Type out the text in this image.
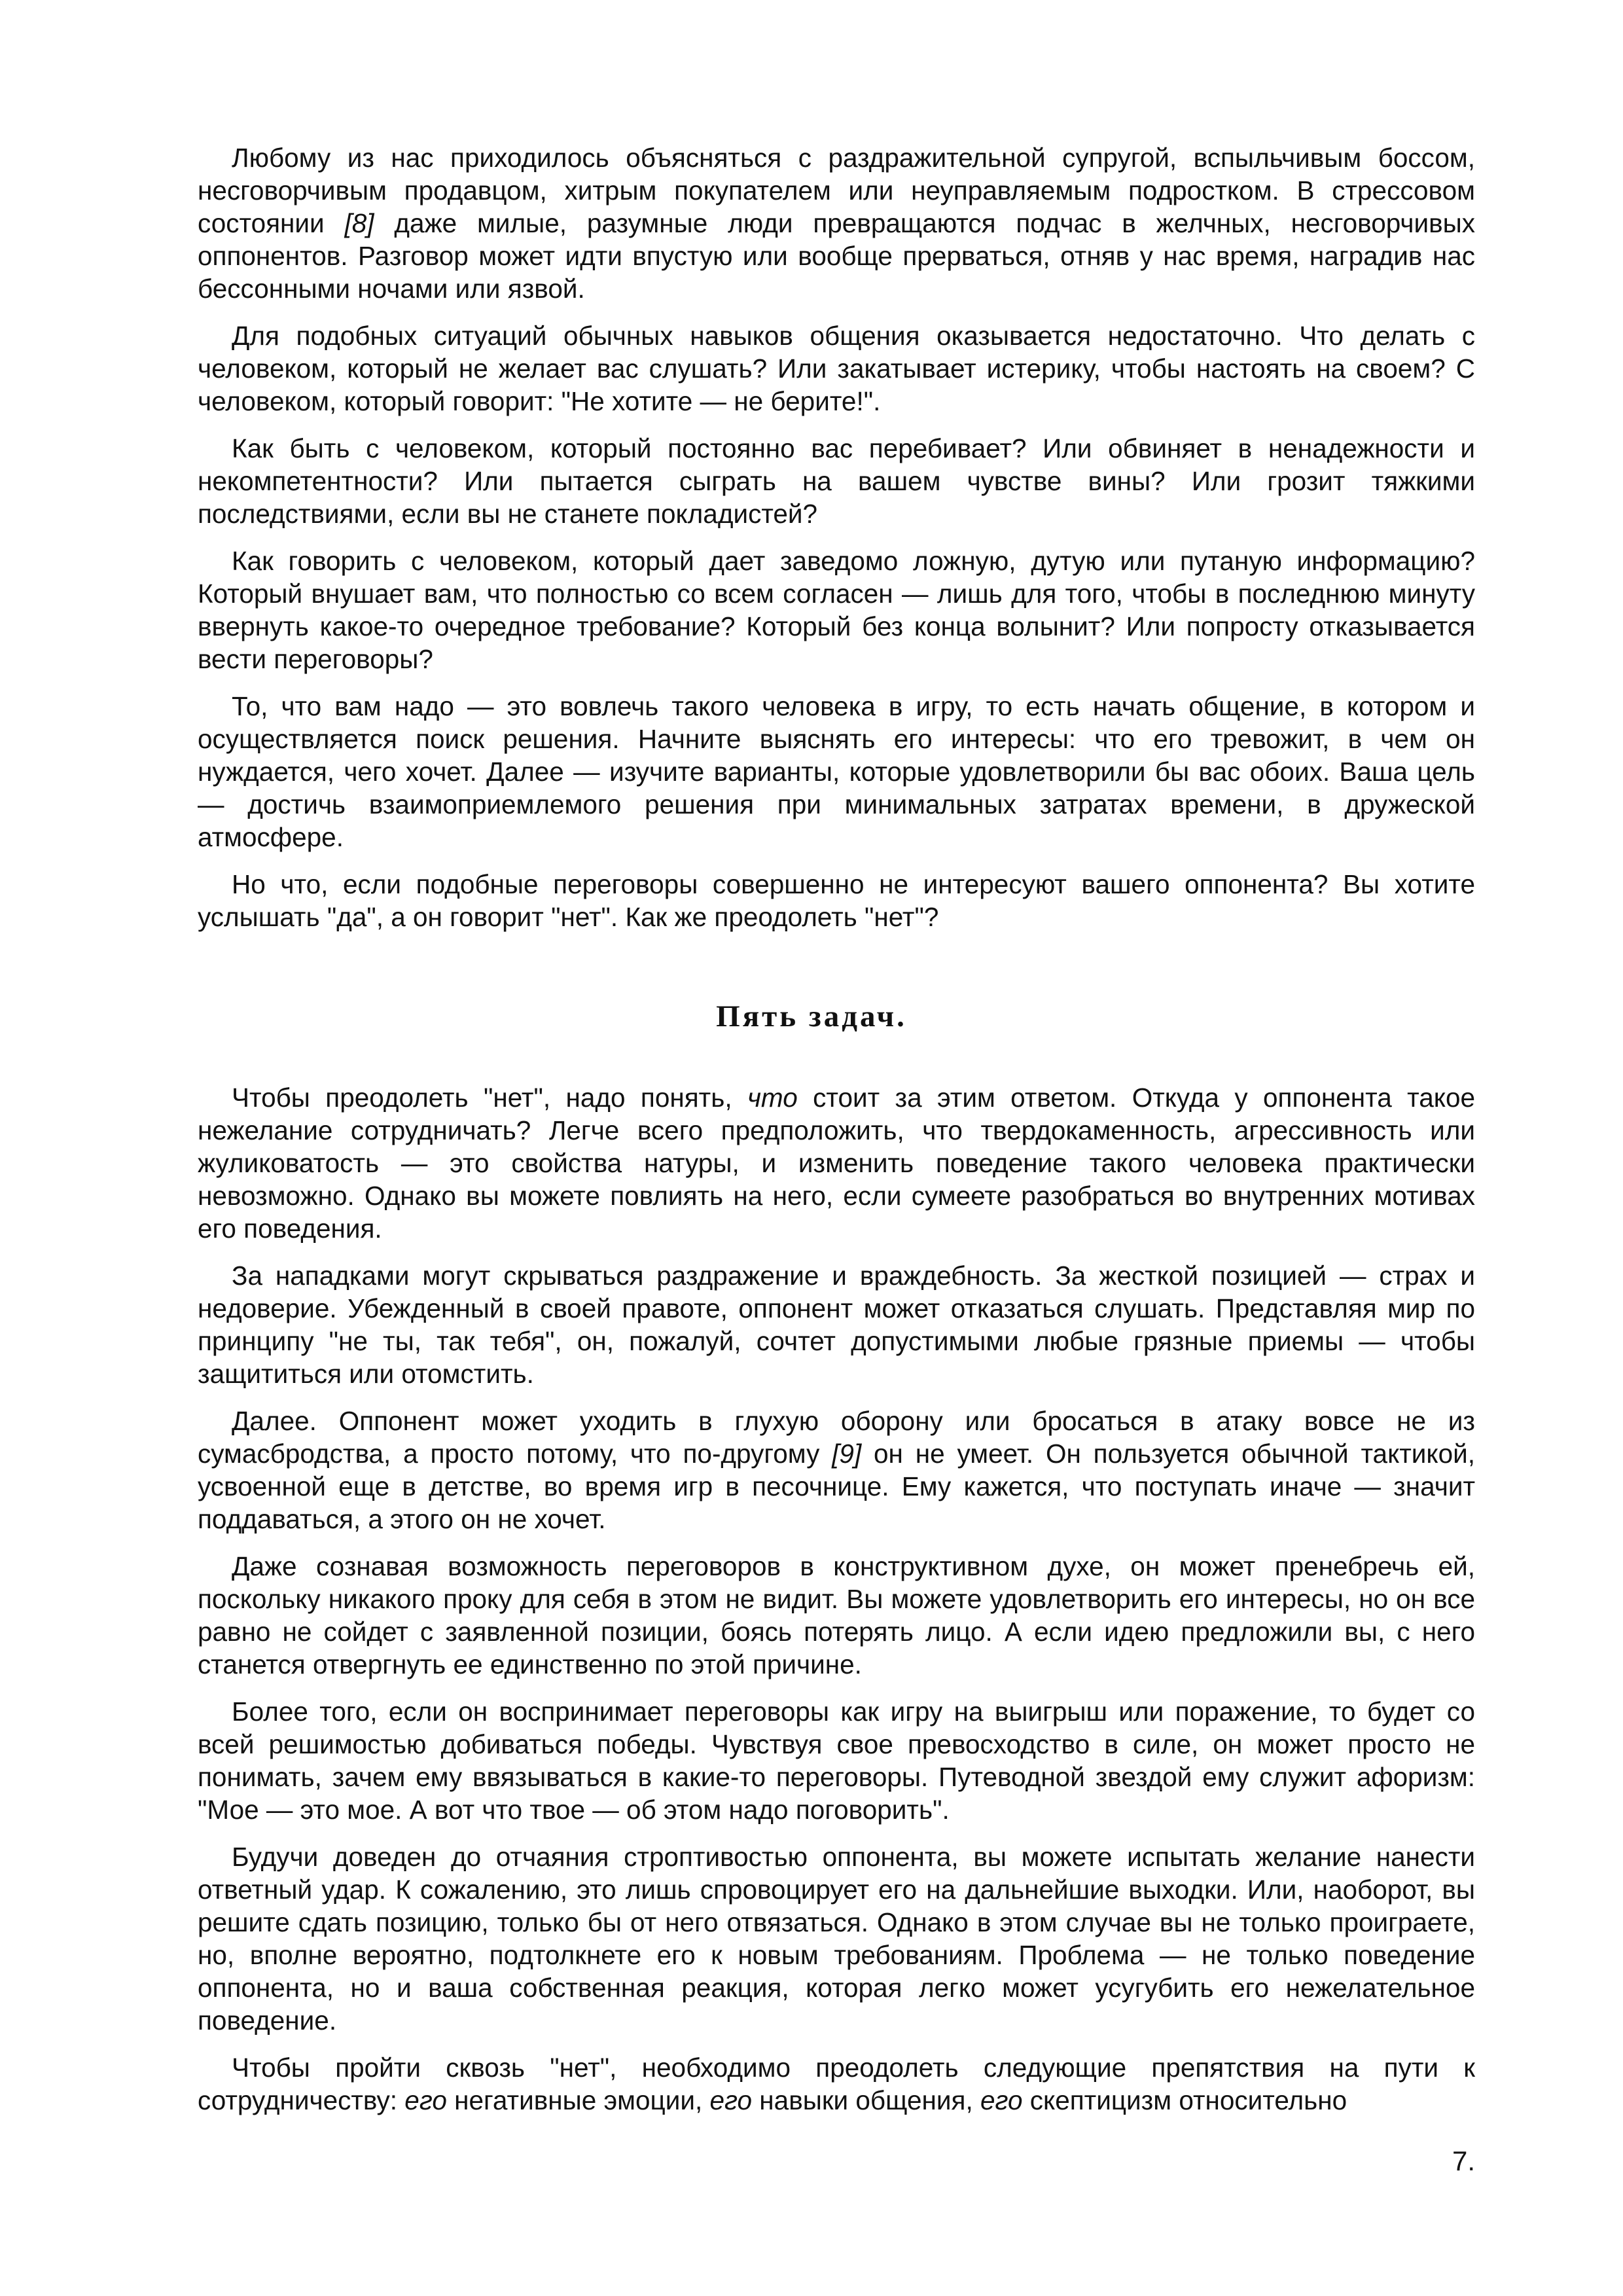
Любому из нас приходилось объясняться с раздражительной супругой, вспыльчивым боссом, несговорчивым продавцом, хитрым покупателем или неуправляемым подростком. В стрессовом состоянии [8] даже милые, разумные люди превращаются подчас в желчных, несговорчивых оппонентов. Разговор может идти впустую или вообще прерваться, отняв у нас время, наградив нас бессонными ночами или язвой.

Для подобных ситуаций обычных навыков общения оказывается недостаточно. Что делать с человеком, который не желает вас слушать? Или закатывает истерику, чтобы настоять на своем? С человеком, который говорит: "Не хотите — не берите!".

Как быть с человеком, который постоянно вас перебивает? Или обвиняет в ненадежности и некомпетентности? Или пытается сыграть на вашем чувстве вины? Или грозит тяжкими последствиями, если вы не станете покладистей?

Как говорить с человеком, который дает заведомо ложную, дутую или путаную информацию? Который внушает вам, что полностью со всем согласен — лишь для того, чтобы в последнюю минуту ввернуть какое-то очередное требование? Который без конца волынит? Или попросту отказывается вести переговоры?

То, что вам надо — это вовлечь такого человека в игру, то есть начать общение, в котором и осуществляется поиск решения. Начните выяснять его интересы: что его тревожит, в чем он нуждается, чего хочет. Далее — изучите варианты, которые удовлетворили бы вас обоих. Ваша цель — достичь взаимоприемлемого решения при минимальных затратах времени, в дружеской атмосфере.

Но что, если подобные переговоры совершенно не интересуют вашего оппонента? Вы хотите услышать "да", а он говорит "нет". Как же преодолеть "нет"?

Пять задач.

Чтобы преодолеть "нет", надо понять, что стоит за этим ответом. Откуда у оппонента такое нежелание сотрудничать? Легче всего предположить, что твердокаменность, агрессивность или жуликоватость — это свойства натуры, и изменить поведение такого человека практически невозможно. Однако вы можете повлиять на него, если сумеете разобраться во внутренних мотивах его поведения.

За нападками могут скрываться раздражение и враждебность. За жесткой позицией — страх и недоверие. Убежденный в своей правоте, оппонент может отказаться слушать. Представляя мир по принципу "не ты, так тебя", он, пожалуй, сочтет допустимыми любые грязные приемы — чтобы защититься или отомстить.

Далее. Оппонент может уходить в глухую оборону или бросаться в атаку вовсе не из сумасбродства, а просто потому, что по-другому [9] он не умеет. Он пользуется обычной тактикой, усвоенной еще в детстве, во время игр в песочнице. Ему кажется, что поступать иначе — значит поддаваться, а этого он не хочет.

Даже сознавая возможность переговоров в конструктивном духе, он может пренебречь ей, поскольку никакого проку для себя в этом не видит. Вы можете удовлетворить его интересы, но он все равно не сойдет с заявленной позиции, боясь потерять лицо. А если идею предложили вы, с него станется отвергнуть ее единственно по этой причине.

Более того, если он воспринимает переговоры как игру на выигрыш или поражение, то будет со всей решимостью добиваться победы. Чувствуя свое превосходство в силе, он может просто не понимать, зачем ему ввязываться в какие-то переговоры. Путеводной звездой ему служит афоризм: "Мое — это мое. А вот что твое — об этом надо поговорить".

Будучи доведен до отчаяния строптивостью оппонента, вы можете испытать желание нанести ответный удар. К сожалению, это лишь спровоцирует его на дальнейшие выходки. Или, наоборот, вы решите сдать позицию, только бы от него отвязаться. Однако в этом случае вы не только проиграете, но, вполне вероятно, подтолкнете его к новым требованиям. Проблема — не только поведение оппонента, но и ваша собственная реакция, которая легко может усугубить его нежелательное поведение.

Чтобы пройти сквозь "нет", необходимо преодолеть следующие препятствия на пути к сотрудничеству: его негативные эмоции, его навыки общения, его скептицизм относительно

7.
